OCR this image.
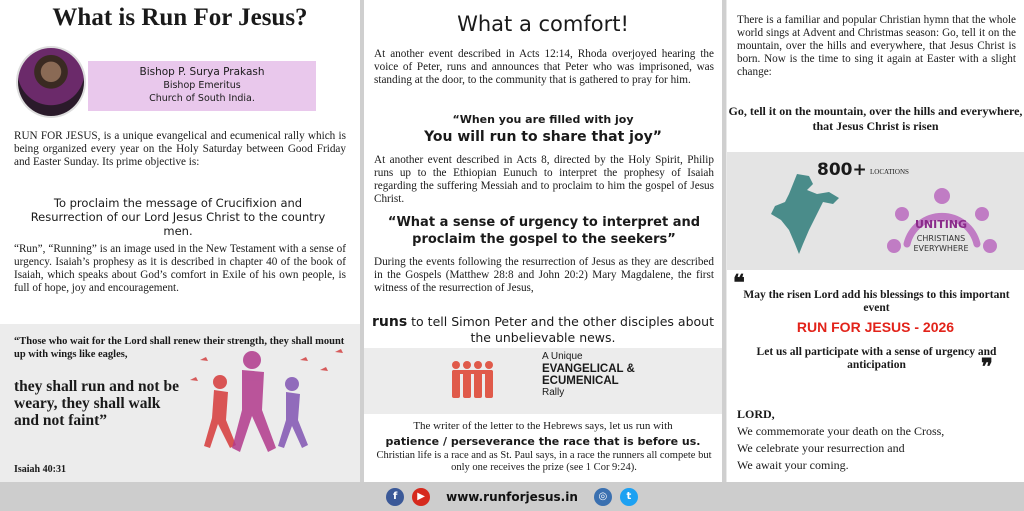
What is Run For Jesus?
Bishop P. Surya Prakash
Bishop Emeritus
Church of South India.
RUN FOR JESUS, is a unique evangelical and ecumenical rally which is being organized every year on the Holy Saturday between Good Friday and Easter Sunday. Its prime objective is:
To proclaim the message of Crucifixion and Resurrection of our Lord Jesus Christ to the country men.
“Run”, “Running” is an image used in the New Testament with a sense of urgency. Isaiah’s prophesy as it is described in chapter 40 of the book of Isaiah, which speaks about God’s comfort in Exile of his own people, is full of hope, joy and encouragement.
“Those who wait for the Lord shall renew their strength, they shall mount up with wings like eagles,
they shall run and not be weary, they shall walk and not faint”
Isaiah 40:31
What a comfort!
At another event described in Acts 12:14, Rhoda overjoyed hearing the voice of Peter, runs and announces that Peter who was imprisoned, was standing at the door, to the community that is gathered to pray for him.
“When you are filled with joy
You will run to share that joy”
At another event described in Acts 8, directed by the Holy Spirit, Philip runs up to the Ethiopian Eunuch to interpret the prophesy of Isaiah regarding the suffering Messiah and to proclaim to him the gospel of Jesus Christ.
“What a sense of urgency to interpret and proclaim the gospel to the seekers”
During the events following the resurrection of Jesus as they are described in the Gospels (Matthew 28:8 and John 20:2) Mary Magdalene, the first witness of the resurrection of Jesus,
runs to tell Simon Peter and the other disciples about the unbelievable news.
A Unique
EVANGELICAL &
ECUMENICAL
Rally
The writer of the letter to the Hebrews says, let us run with
patience / perseverance the race that is before us.
Christian life is a race and as St. Paul says, in a race the runners all compete but only one receives the prize (see 1 Cor 9:24).
There is a familiar and popular Christian hymn that the whole world sings at Advent and Christmas season: Go, tell it on the mountain, over the hills and everywhere, that Jesus Christ is born. Now is the time to sing it again at Easter with a slight change:
Go, tell it on the mountain, over the hills and everywhere, that Jesus Christ is risen
800+ LOCATIONS
UNITING
CHRISTIANS
EVERYWHERE
❝
May the risen Lord add his blessings to this important event
RUN FOR JESUS - 2026
Let us all participate with a sense of urgency and anticipation	❞
LORD,
We commemorate your death on the Cross,
We celebrate your resurrection and
We await your coming.
f	▶	www.runforjesus.in	◎	t
